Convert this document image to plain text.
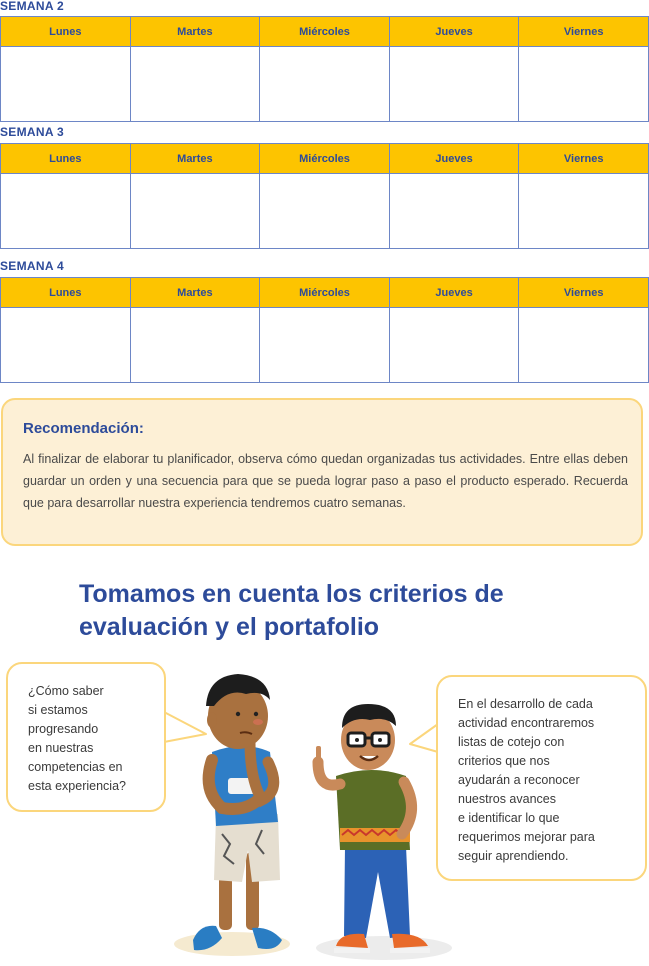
SEMANA 2
Lunes	Martes	Miércoles	Jueves	Viernes

SEMANA 3
Lunes	Martes	Miércoles	Jueves	Viernes

SEMANA 4
Lunes	Martes	Miércoles	Jueves	Viernes

Recomendación:

Al finalizar de elaborar tu planificador, observa cómo quedan organizadas tus actividades. Entre ellas deben guardar un orden y una secuencia para que se pueda lograr paso a paso el producto esperado. Recuerda que para desarrollar nuestra experiencia tendremos cuatro semanas.

Tomamos en cuenta los criterios de evaluación y el portafolio
¿Cómo saber
si estamos
progresando
en nuestras
competencias en
esta experiencia?
En el desarrollo de cada
actividad encontraremos
listas de cotejo con
criterios que nos
ayudarán a reconocer
nuestros avances
e identificar lo que
requerimos mejorar para
seguir aprendiendo.
